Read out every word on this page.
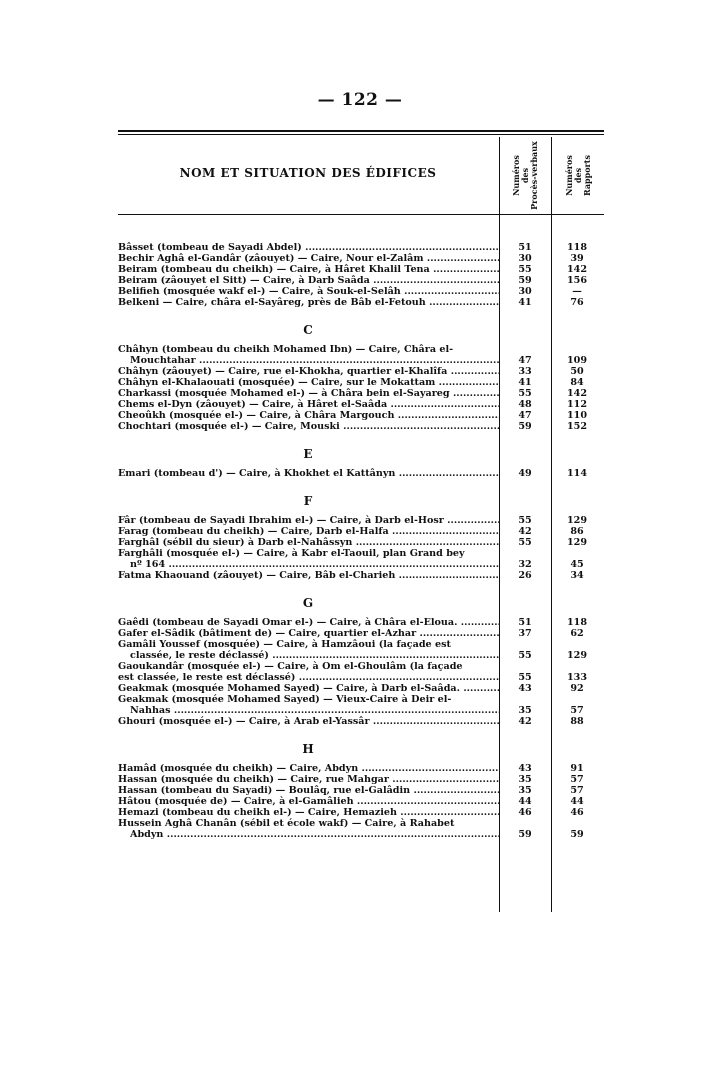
— 122 —
NOM ET SITUATION DES ÉDIFICES	Numéros des Procès-verbaux	Numéros des Rapports
Bâsset (tombeau de Sayadi Abdel) .....	51	118
Bechir Aghâ el-Gandâr (zâouyet) — Caire, Nour el-Zalâm .....	30	39
Beiram (tombeau du cheikh) — Caire, à Hâret Khalil Tena .....	55	142
Beiram (zâouyet el Sitt) — Caire, à Darb Saâda .....	59	156
Belifieh (mosquée wakf el-) — Caire, à Souk-el-Selâh .....	30	—
Belkeni — Caire, châra el-Sayâreg, près de Bâb el-Fetouh .....	41	76
C
Châhyn (tombeau du cheikh Mohamed Ibn) — Caire, Châra el-
Mouchtahar .....	47	109
Châhyn (zâouyet) — Caire, rue el-Khokha, quartier el-Khalîfa .....	33	50
Châhyn el-Khalaouati (mosquée) — Caire, sur le Mokattam .....	41	84
Charkassi (mosquée Mohamed el-) — à Châra bein el-Sayareg .....	55	142
Chems el-Dyn (zâouyet) — Caire, à Hâret el-Saâda .....	48	112
Cheoûkh (mosquée el-) — Caire, à Châra Margouch .....	47	110
Chochtari (mosquée el-) — Caire, Mouski .....	59	152
E
Emari (tombeau d') — Caire, à Khokhet el Kattânyn .....	49	114
F
Fâr (tombeau de Sayadi Ibrahim el-) — Caire, à Darb el-Hosr .....	55	129
Farag (tombeau du cheikh) — Caire, Darb el-Halfa .....	42	86
Farghâl (sébil du sieur) à Darb el-Nahâssyn .....	55	129
Farghâli (mosquée el-) — Caire, à Kabr el-Taouil, plan Grand bey
nº 164 .....	32	45
Fatma Khaouand (zâouyet) — Caire, Bâb el-Charieh .....	26	34
G
Gaêdi (tombeau de Sayadi Omar el-) — Caire, à Châra el-Eloua. .....	51	118
Gafer el-Sâdik (bâtiment de) — Caire, quartier el-Azhar .....	37	62
Gamâli Youssef (mosquée) — Caire, à Hamzâoui (la façade est
classée, le reste déclassé) .....	55	129
Gaoukandâr (mosquée el-) — Caire, à Om el-Ghoulâm (la façade
est classée, le reste est déclassé) .....	55	133
Geakmak (mosquée Mohamed Sayed) — Caire, à Darb el-Saâda. .....	43	92
Geakmak (mosquée Mohamed Sayed) — Vieux-Caire à Deir el-
Nahhas .....	35	57
Ghouri (mosquée el-) — Caire, à Arab el-Yassâr .....	42	88
H
Hamâd (mosquée du cheikh) — Caire, Abdyn .....	43	91
Hassan (mosquée du cheikh) — Caire, rue Mahgar .....	35	57
Hassan (tombeau du Sayadi) — Boulâq, rue el-Galâdin .....	35	57
Hâtou (mosquée de) — Caire, à el-Gamâlieh .....	44	44
Hemazi (tombeau du cheikh el-) — Caire, Hemazieh .....	46	46
Hussein Aghâ Chanân (sébil et école wakf) — Caire, à Rahabet
Abdyn .....	59	59
